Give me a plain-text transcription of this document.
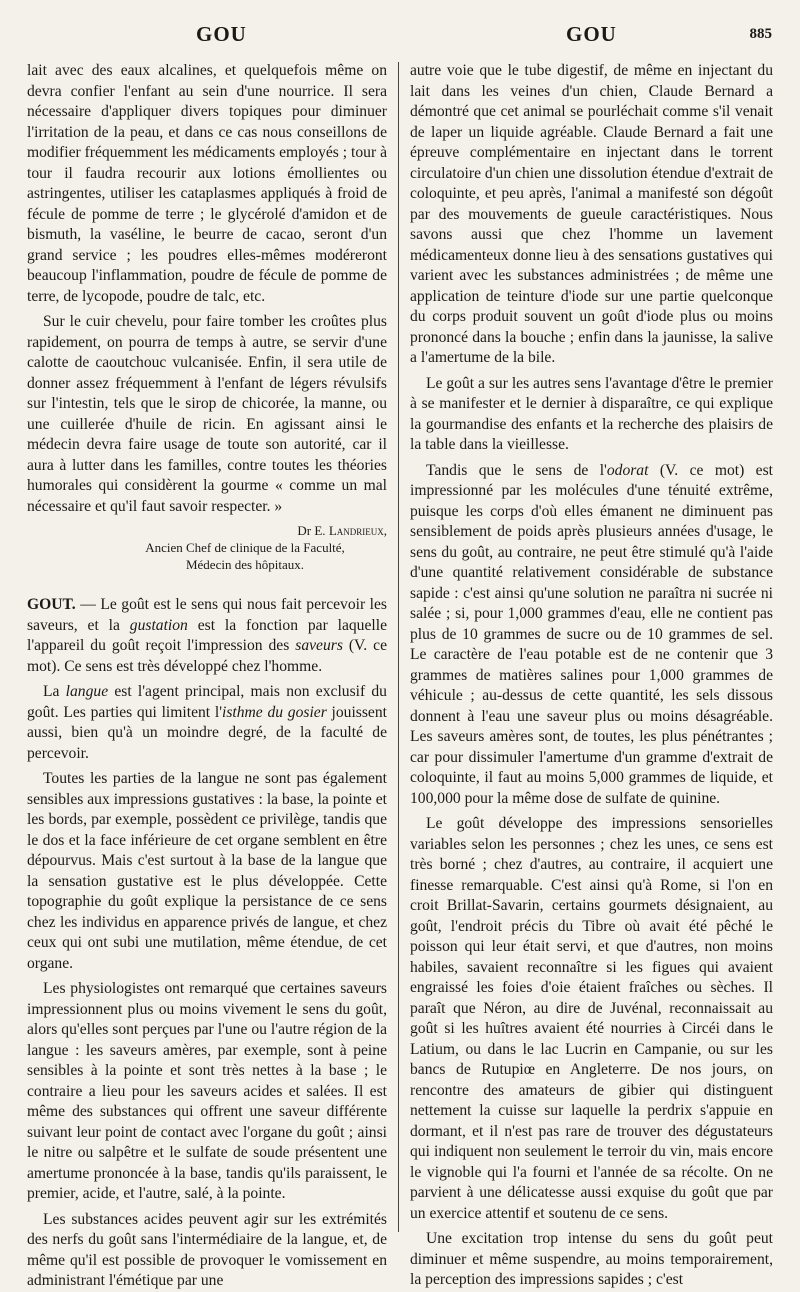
GOU	GOU	885

lait avec des eaux alcalines, et quelquefois même on devra confier l'enfant au sein d'une nourrice. Il sera nécessaire d'appliquer divers topiques pour diminuer l'irritation de la peau, et dans ce cas nous conseillons de modifier fréquemment les médicaments employés ; tour à tour il faudra recourir aux lotions émollientes ou astringentes, utiliser les cataplasmes appliqués à froid de fécule de pomme de terre ; le glycérolé d'amidon et de bismuth, la vaséline, le beurre de cacao, seront d'un grand service ; les poudres elles-mêmes modéreront beaucoup l'inflammation, poudre de fécule de pomme de terre, de lycopode, poudre de talc, etc.

Sur le cuir chevelu, pour faire tomber les croûtes plus rapidement, on pourra de temps à autre, se servir d'une calotte de caoutchouc vulcanisée. Enfin, il sera utile de donner assez fréquemment à l'enfant de légers révulsifs sur l'intestin, tels que le sirop de chicorée, la manne, ou une cuillerée d'huile de ricin. En agissant ainsi le médecin devra faire usage de toute son autorité, car il aura à lutter dans les familles, contre toutes les théories humorales qui considèrent la gourme « comme un mal nécessaire et qu'il faut savoir respecter. »

Dr E. Landrieux,

Ancien Chef de clinique de la Faculté,

Médecin des hôpitaux.

GOUT. — Le goût est le sens qui nous fait percevoir les saveurs, et la gustation est la fonction par laquelle l'appareil du goût reçoit l'impression des saveurs (V. ce mot). Ce sens est très développé chez l'homme.

La langue est l'agent principal, mais non exclusif du goût. Les parties qui limitent l'isthme du gosier jouissent aussi, bien qu'à un moindre degré, de la faculté de percevoir.

Toutes les parties de la langue ne sont pas également sensibles aux impressions gustatives : la base, la pointe et les bords, par exemple, possèdent ce privilège, tandis que le dos et la face inférieure de cet organe semblent en être dépourvus. Mais c'est surtout à la base de la langue que la sensation gustative est le plus développée. Cette topographie du goût explique la persistance de ce sens chez les individus en apparence privés de langue, et chez ceux qui ont subi une mutilation, même étendue, de cet organe.

Les physiologistes ont remarqué que certaines saveurs impressionnent plus ou moins vivement le sens du goût, alors qu'elles sont perçues par l'une ou l'autre région de la langue : les saveurs amères, par exemple, sont à peine sensibles à la pointe et sont très nettes à la base ; le contraire a lieu pour les saveurs acides et salées. Il est même des substances qui offrent une saveur différente suivant leur point de contact avec l'organe du goût ; ainsi le nitre ou salpêtre et le sulfate de soude présentent une amertume prononcée à la base, tandis qu'ils paraissent, le premier, acide, et l'autre, salé, à la pointe.

Les substances acides peuvent agir sur les extrémités des nerfs du goût sans l'intermédiaire de la langue, et, de même qu'il est possible de provoquer le vomissement en administrant l'émétique par une

autre voie que le tube digestif, de même en injectant du lait dans les veines d'un chien, Claude Bernard a démontré que cet animal se pourléchait comme s'il venait de laper un liquide agréable. Claude Bernard a fait une épreuve complémentaire en injectant dans le torrent circulatoire d'un chien une dissolution étendue d'extrait de coloquinte, et peu après, l'animal a manifesté son dégoût par des mouvements de gueule caractéristiques. Nous savons aussi que chez l'homme un lavement médicamenteux donne lieu à des sensations gustatives qui varient avec les substances administrées ; de même une application de teinture d'iode sur une partie quelconque du corps produit souvent un goût d'iode plus ou moins prononcé dans la bouche ; enfin dans la jaunisse, la salive a l'amertume de la bile.

Le goût a sur les autres sens l'avantage d'être le premier à se manifester et le dernier à disparaître, ce qui explique la gourmandise des enfants et la recherche des plaisirs de la table dans la vieillesse.

Tandis que le sens de l'odorat (V. ce mot) est impressionné par les molécules d'une ténuité extrême, puisque les corps d'où elles émanent ne diminuent pas sensiblement de poids après plusieurs années d'usage, le sens du goût, au contraire, ne peut être stimulé qu'à l'aide d'une quantité relativement considérable de substance sapide : c'est ainsi qu'une solution ne paraîtra ni sucrée ni salée ; si, pour 1,000 grammes d'eau, elle ne contient pas plus de 10 grammes de sucre ou de 10 grammes de sel. Le caractère de l'eau potable est de ne contenir que 3 grammes de matières salines pour 1,000 grammes de véhicule ; au-dessus de cette quantité, les sels dissous donnent à l'eau une saveur plus ou moins désagréable. Les saveurs amères sont, de toutes, les plus pénétrantes ; car pour dissimuler l'amertume d'un gramme d'extrait de coloquinte, il faut au moins 5,000 grammes de liquide, et 100,000 pour la même dose de sulfate de quinine.

Le goût développe des impressions sensorielles variables selon les personnes ; chez les unes, ce sens est très borné ; chez d'autres, au contraire, il acquiert une finesse remarquable. C'est ainsi qu'à Rome, si l'on en croit Brillat-Savarin, certains gourmets désignaient, au goût, l'endroit précis du Tibre où avait été pêché le poisson qui leur était servi, et que d'autres, non moins habiles, savaient reconnaître si les figues qui avaient engraissé les foies d'oie étaient fraîches ou sèches. Il paraît que Néron, au dire de Juvénal, reconnaissait au goût si les huîtres avaient été nourries à Circéi dans le Latium, ou dans le lac Lucrin en Campanie, ou sur les bancs de Rutupiœ en Angleterre. De nos jours, on rencontre des amateurs de gibier qui distinguent nettement la cuisse sur laquelle la perdrix s'appuie en dormant, et il n'est pas rare de trouver des dégustateurs qui indiquent non seulement le terroir du vin, mais encore le vignoble qui l'a fourni et l'année de sa récolte. On ne parvient à une délicatesse aussi exquise du goût que par un exercice attentif et soutenu de ce sens.

Une excitation trop intense du sens du goût peut diminuer et même suspendre, au moins temporairement, la perception des impressions sapides ; c'est
